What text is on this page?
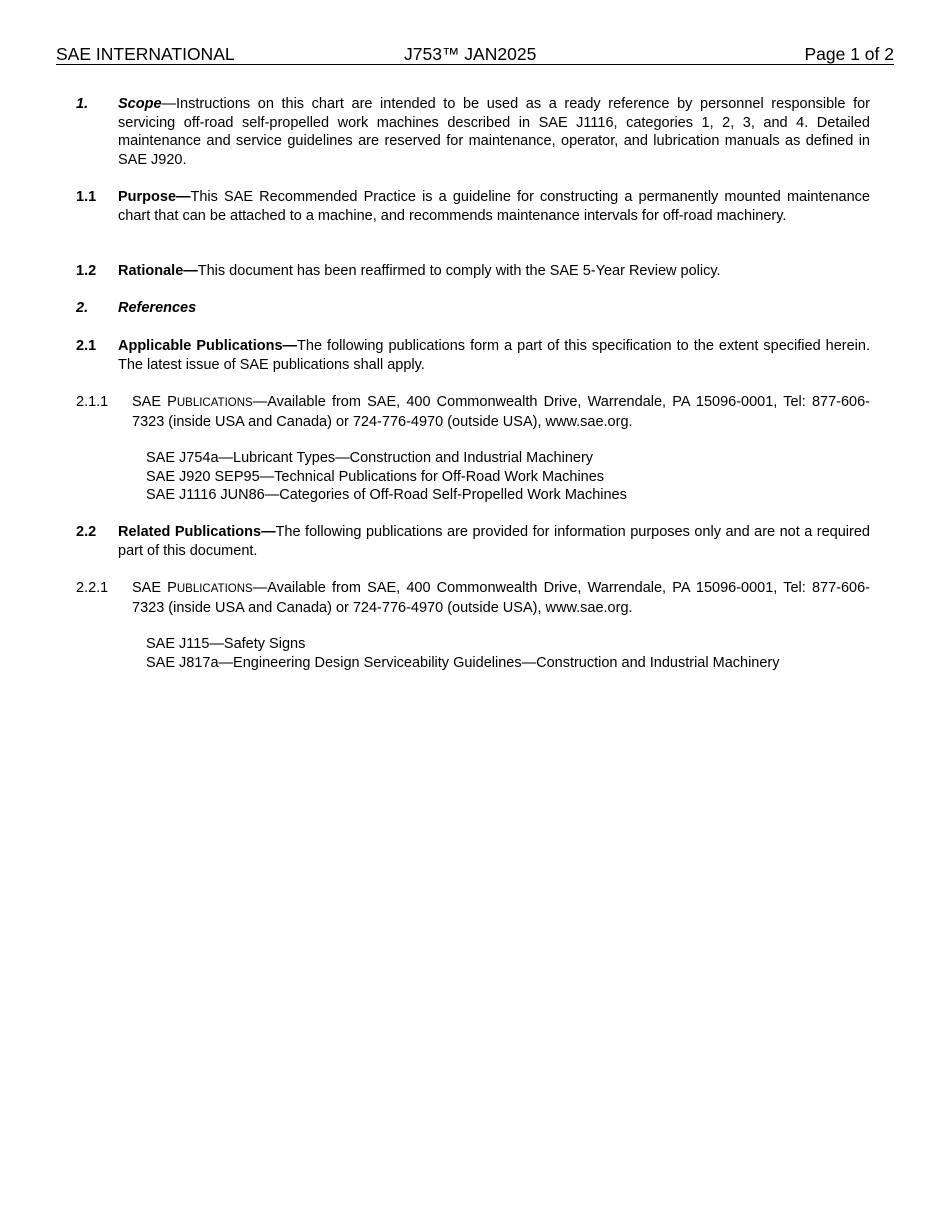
SAE INTERNATIONAL	J753™ JAN2025	Page 1 of 2
1. Scope—Instructions on this chart are intended to be used as a ready reference by personnel responsible for servicing off-road self-propelled work machines described in SAE J1116, categories 1, 2, 3, and 4. Detailed maintenance and service guidelines are reserved for maintenance, operator, and lubrication manuals as defined in SAE J920.
1.1 Purpose—This SAE Recommended Practice is a guideline for constructing a permanently mounted maintenance chart that can be attached to a machine, and recommends maintenance intervals for off-road machinery.
1.2 Rationale—This document has been reaffirmed to comply with the SAE 5-Year Review policy.
2. References
2.1 Applicable Publications—The following publications form a part of this specification to the extent specified herein. The latest issue of SAE publications shall apply.
2.1.1 SAE PUBLICATIONS—Available from SAE, 400 Commonwealth Drive, Warrendale, PA 15096-0001, Tel: 877-606-7323 (inside USA and Canada) or 724-776-4970 (outside USA), www.sae.org.
SAE J754a—Lubricant Types—Construction and Industrial Machinery
SAE J920 SEP95—Technical Publications for Off-Road Work Machines
SAE J1116 JUN86—Categories of Off-Road Self-Propelled Work Machines
2.2 Related Publications—The following publications are provided for information purposes only and are not a required part of this document.
2.2.1 SAE PUBLICATIONS—Available from SAE, 400 Commonwealth Drive, Warrendale, PA 15096-0001, Tel: 877-606-7323 (inside USA and Canada) or 724-776-4970 (outside USA), www.sae.org.
SAE J115—Safety Signs
SAE J817a—Engineering Design Serviceability Guidelines—Construction and Industrial Machinery
